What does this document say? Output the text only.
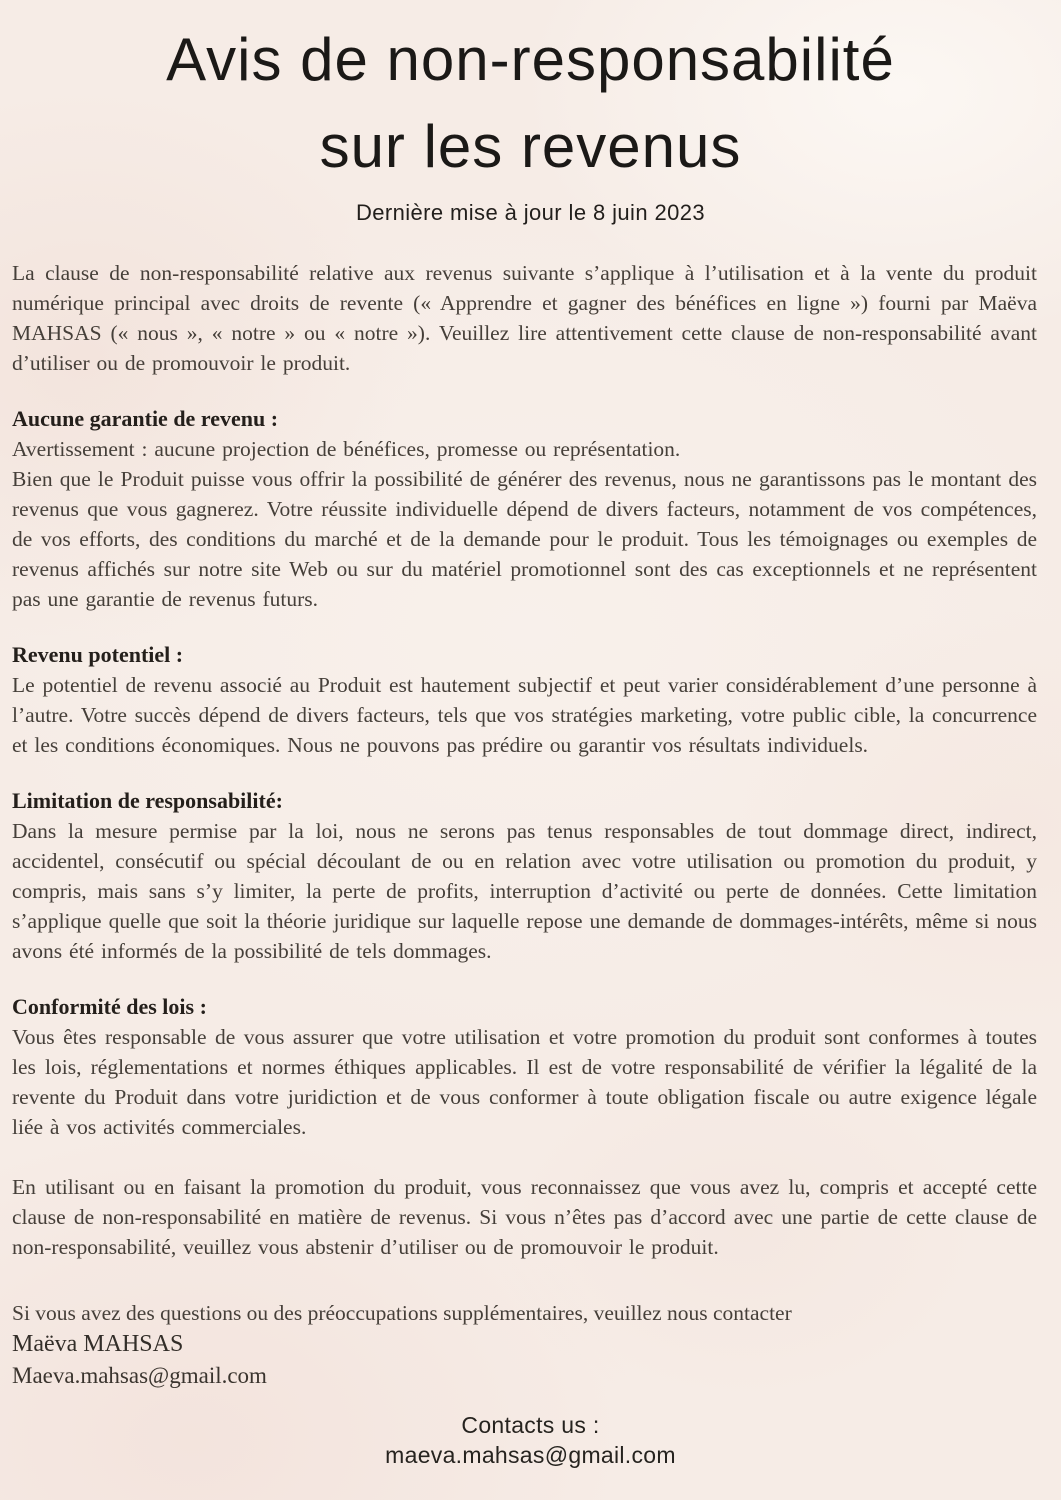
Avis de non-responsabilité
sur les revenus

Dernière mise à jour le 8 juin 2023

La clause de non-responsabilité relative aux revenus suivante s’applique à l’utilisation et à la vente du produit numérique principal avec droits de revente (« Apprendre et gagner des bénéfices en ligne ») fourni par Maëva MAHSAS (« nous », « notre » ou « notre »). Veuillez lire attentivement cette clause de non-responsabilité avant d’utiliser ou de promouvoir le produit.

Aucune garantie de revenu :

Avertissement : aucune projection de bénéfices, promesse ou représentation.

Bien que le Produit puisse vous offrir la possibilité de générer des revenus, nous ne garantissons pas le montant des revenus que vous gagnerez. Votre réussite individuelle dépend de divers facteurs, notamment de vos compétences, de vos efforts, des conditions du marché et de la demande pour le produit. Tous les témoignages ou exemples de revenus affichés sur notre site Web ou sur du matériel promotionnel sont des cas exceptionnels et ne représentent pas une garantie de revenus futurs.

Revenu potentiel :

Le potentiel de revenu associé au Produit est hautement subjectif et peut varier considérablement d’une personne à l’autre. Votre succès dépend de divers facteurs, tels que vos stratégies marketing, votre public cible, la concurrence et les conditions économiques. Nous ne pouvons pas prédire ou garantir vos résultats individuels.

Limitation de responsabilité:

Dans la mesure permise par la loi, nous ne serons pas tenus responsables de tout dommage direct, indirect, accidentel, consécutif ou spécial découlant de ou en relation avec votre utilisation ou promotion du produit, y compris, mais sans s’y limiter, la perte de profits, interruption d’activité ou perte de données. Cette limitation s’applique quelle que soit la théorie juridique sur laquelle repose une demande de dommages-intérêts, même si nous avons été informés de la possibilité de tels dommages.

Conformité des lois :

Vous êtes responsable de vous assurer que votre utilisation et votre promotion du produit sont conformes à toutes les lois, réglementations et normes éthiques applicables. Il est de votre responsabilité de vérifier la légalité de la revente du Produit dans votre juridiction et de vous conformer à toute obligation fiscale ou autre exigence légale liée à vos activités commerciales.

En utilisant ou en faisant la promotion du produit, vous reconnaissez que vous avez lu, compris et accepté cette clause de non-responsabilité en matière de revenus. Si vous n’êtes pas d’accord avec une partie de cette clause de non-responsabilité, veuillez vous abstenir d’utiliser ou de promouvoir le produit.

Si vous avez des questions ou des préoccupations supplémentaires, veuillez nous contacter

Maëva MAHSAS

Maeva.mahsas@gmail.com

Contacts us :

maeva.mahsas@gmail.com
